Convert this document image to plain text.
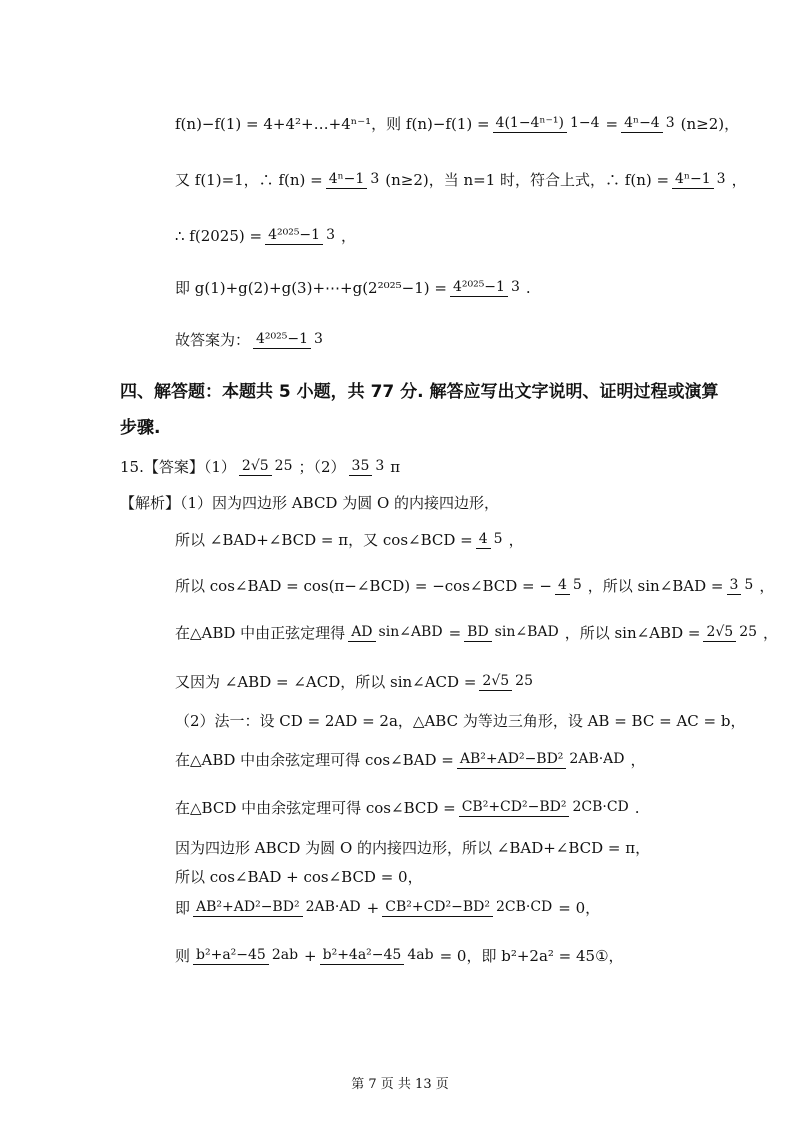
f(n)−f(1) = 4+4²+…+4ⁿ⁻¹，则 f(n)−f(1) = 4(1−4ⁿ⁻¹) 1−4 = 4ⁿ−4 3 (n≥2)，
又 f(1)=1，∴ f(n) = 4ⁿ−1 3 (n≥2)，当 n=1 时，符合上式，∴ f(n) = 4ⁿ−1 3 ，
∴ f(2025) = 4²⁰²⁵−1 3 ，
即 g(1)+g(2)+g(3)+⋯+g(2²⁰²⁵−1) = 4²⁰²⁵−1 3 .
故答案为： 4²⁰²⁵−1 3
四、解答题：本题共 5 小题，共 77 分. 解答应写出文字说明、证明过程或演算
步骤.
15.【答案】（1） 2√5 25 ；（2） 35 3 π
【解析】（1）因为四边形 ABCD 为圆 O 的内接四边形，
所以 ∠BAD+∠BCD = π，又 cos∠BCD = 4 5 ，
所以 cos∠BAD = cos(π−∠BCD) = −cos∠BCD = − 4 5 ，所以 sin∠BAD = 3 5 ，
在△ABD 中由正弦定理得 AD sin∠ABD = BD sin∠BAD ，所以 sin∠ABD = 2√5 25 ，
又因为 ∠ABD = ∠ACD，所以 sin∠ACD = 2√5 25
（2）法一：设 CD = 2AD = 2a，△ABC 为等边三角形，设 AB = BC = AC = b，
在△ABD 中由余弦定理可得 cos∠BAD = AB²+AD²−BD² 2AB·AD ，
在△BCD 中由余弦定理可得 cos∠BCD = CB²+CD²−BD² 2CB·CD .
因为四边形 ABCD 为圆 O 的内接四边形，所以 ∠BAD+∠BCD = π，
所以 cos∠BAD + cos∠BCD = 0，
即 AB²+AD²−BD² 2AB·AD + CB²+CD²−BD² 2CB·CD = 0，
则 b²+a²−45 2ab + b²+4a²−45 4ab = 0，即 b²+2a² = 45①，
第 7 页 共 13 页
